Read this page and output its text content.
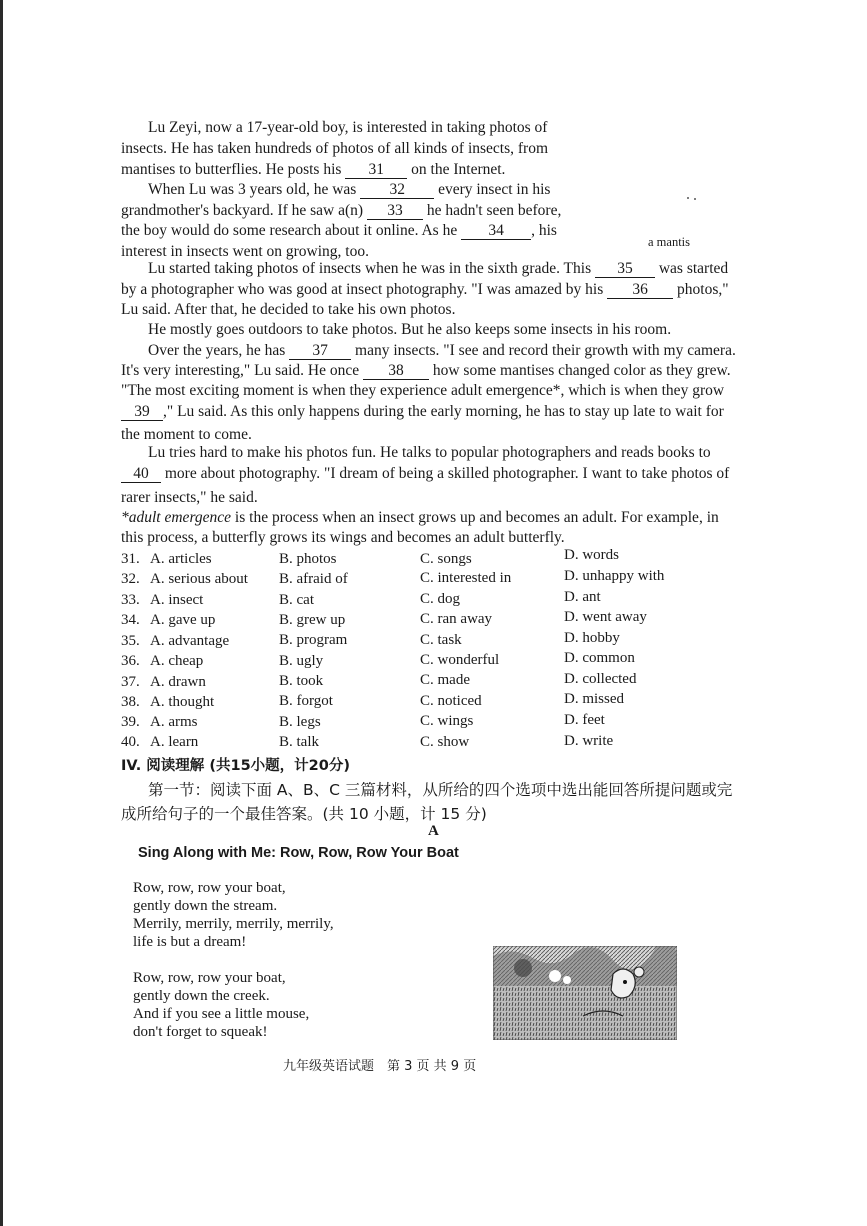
Lu Zeyi, now a 17-year-old boy, is interested in taking photos of
insects. He has taken hundreds of photos of all kinds of insects, from
mantises to butterflies. He posts his 31 on the Internet.
When Lu was 3 years old, he was 32 every insect in his
grandmother's backyard. If he saw a(n) 33 he hadn't seen before,
the boy would do some research about it online. As he 34 , his
interest in insects went on growing, too.
a mantis
Lu started taking photos of insects when he was in the sixth grade. This 35 was started
by a photographer who was good at insect photography. "I was amazed by his 36 photos,"
Lu said. After that, he decided to take his own photos.
He mostly goes outdoors to take photos. But he also keeps some insects in his room.
Over the years, he has 37 many insects. "I see and record their growth with my camera.
It's very interesting," Lu said. He once 38 how some mantises changed color as they grew.
"The most exciting moment is when they experience adult emergence*, which is when they grow
39 ," Lu said. As this only happens during the early morning, he has to stay up late to wait for
the moment to come.
Lu tries hard to make his photos fun. He talks to popular photographers and reads books to
40 more about photography. "I dream of being a skilled photographer. I want to take photos of
rarer insects," he said.
*adult emergence is the process when an insect grows up and becomes an adult. For example, in
this process, a butterfly grows its wings and becomes an adult butterfly.
31. A. articles	B. photos	C. songs	D. words
32. A. serious about B. afraid of	C. interested in	D. unhappy with
33. A. insect	B. cat	C. dog	D. ant
34. A. gave up	B. grew up	C. ran away	D. went away
35. A. advantage	B. program	C. task	D. hobby
36. A. cheap	B. ugly	C. wonderful	D. common
37. A. drawn	B. took	C. made	D. collected
38. A. thought	B. forgot	C. noticed	D. missed
39. A. arms	B. legs	C. wings	D. feet
40. A. learn	B. talk	C. show	D. write
IV. 阅读理解 (共15小题，计20分)
第一节：阅读下面 A、B、C 三篇材料，从所给的四个选项中选出能回答所提问题或完
成所给句子的一个最佳答案。(共 10 小题，计 15 分)
A
Sing Along with Me: Row, Row, Row Your Boat
Row, row, row your boat,
gently down the stream.
Merrily, merrily, merrily, merrily,
life is but a dream!
Row, row, row your boat,
gently down the creek.
And if you see a little mouse,
don't forget to squeak!
九年级英语试题　第 3 页 共 9 页
